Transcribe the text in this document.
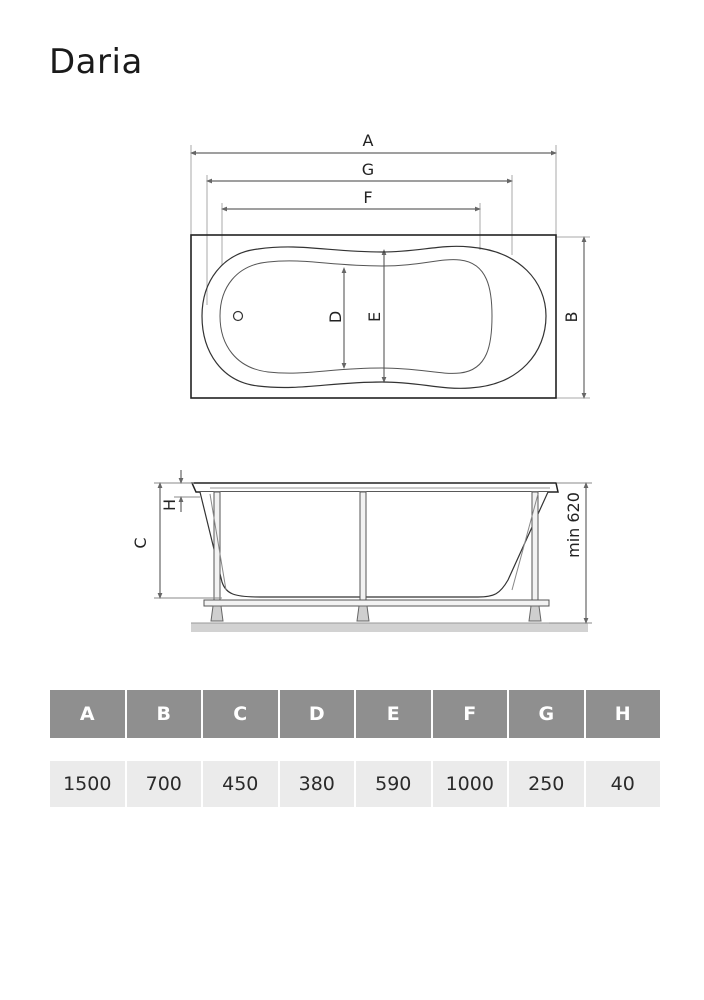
Daria
A
G
F
D E	B
H
C	min 620
A	B	C	D	E	F	G	H
1500	700	450	380	590	1000	250	40
